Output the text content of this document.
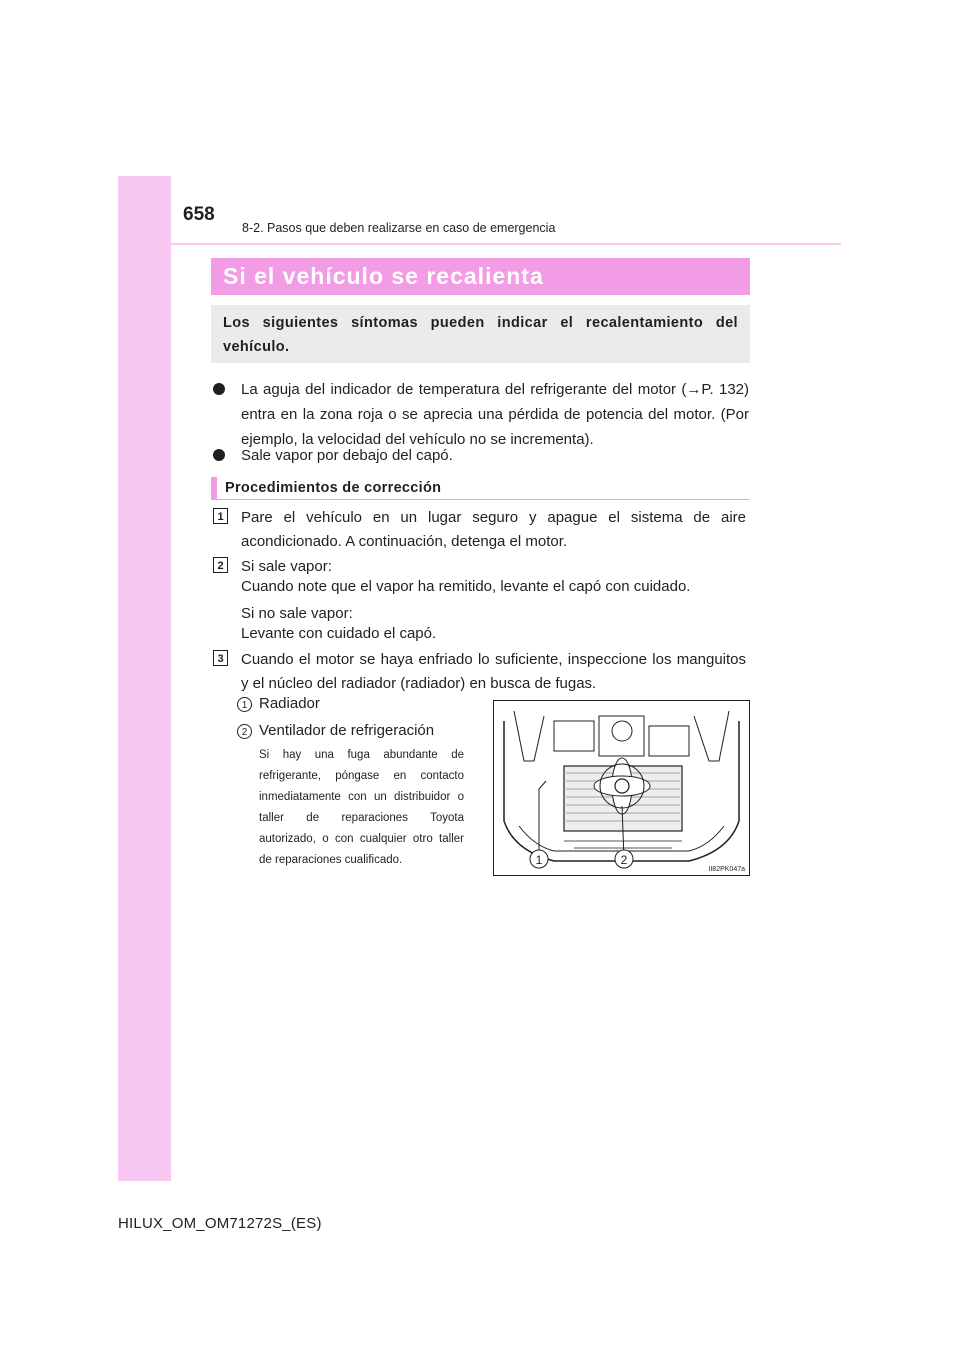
658
8-2. Pasos que deben realizarse en caso de emergencia
Si el vehículo se recalienta
Los siguientes síntomas pueden indicar el recalentamiento del vehículo.
La aguja del indicador de temperatura del refrigerante del motor (→P. 132) entra en la zona roja o se aprecia una pérdida de potencia del motor. (Por ejemplo, la velocidad del vehículo no se incrementa).
Sale vapor por debajo del capó.
Procedimientos de corrección
1 Pare el vehículo en un lugar seguro y apague el sistema de aire acondicionado. A continuación, detenga el motor.
2 Si sale vapor:
Cuando note que el vapor ha remitido, levante el capó con cuidado.
Si no sale vapor:
Levante con cuidado el capó.
3 Cuando el motor se haya enfriado lo suficiente, inspeccione los manguitos y el núcleo del radiador (radiador) en busca de fugas.
1 Radiador
2 Ventilador de refrigeración
Si hay una fuga abundante de refrigerante, póngase en contacto inmediatamente con un distribuidor o taller de reparaciones Toyota autorizado, o con cualquier otro taller de reparaciones cualificado.	1	2
II82PK047a
HILUX_OM_OM71272S_(ES)
